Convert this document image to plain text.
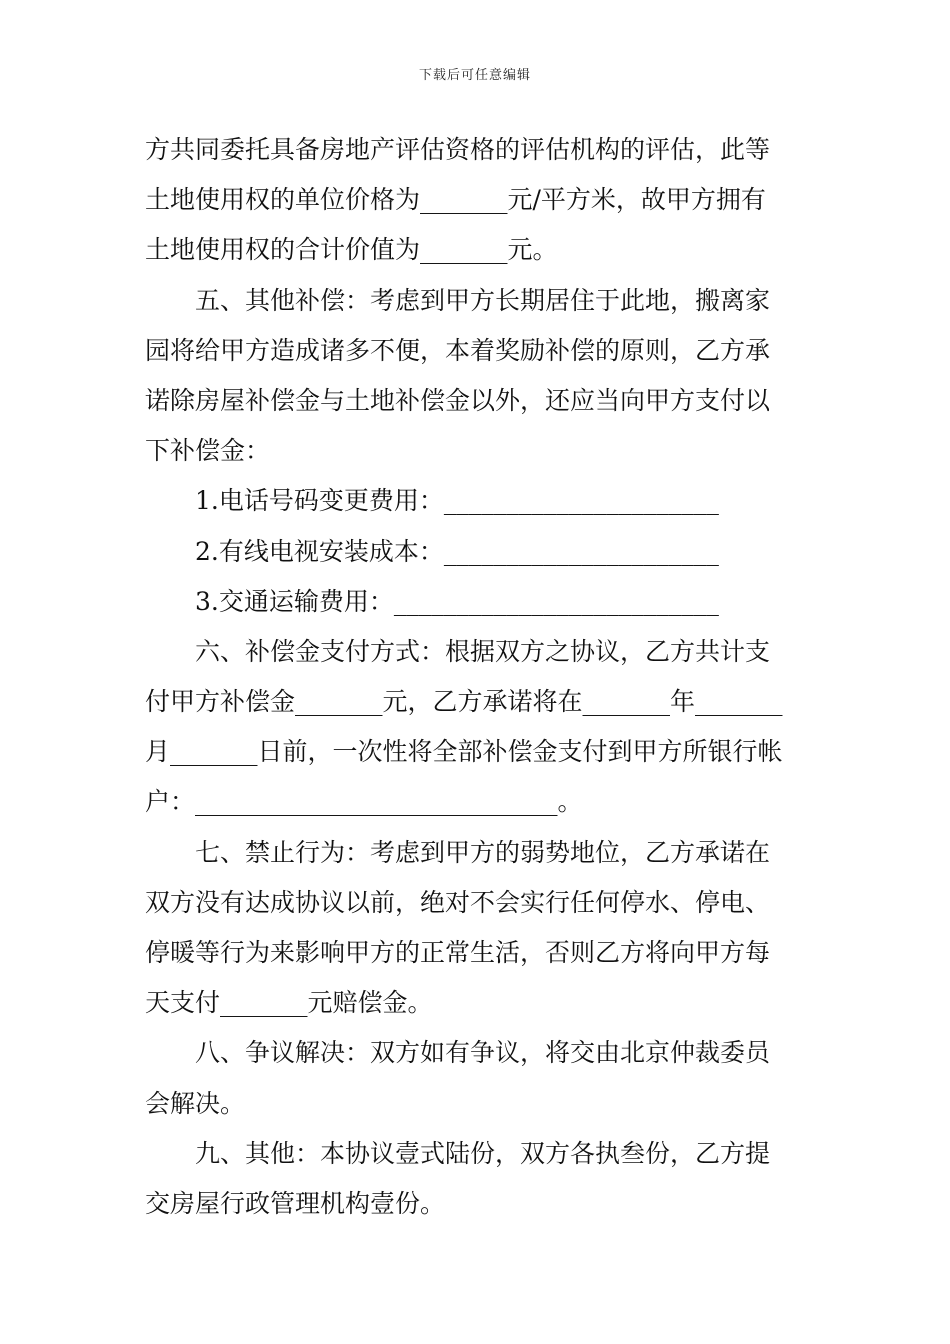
下载后可任意编辑
方共同委托具备房地产评估资格的评估机构的评估，此等
土地使用权的单位价格为_______元/平方米，故甲方拥有
土地使用权的合计价值为_______元。
五、其他补偿：考虑到甲方长期居住于此地，搬离家
园将给甲方造成诸多不便，本着奖励补偿的原则，乙方承
诺除房屋补偿金与土地补偿金以外，还应当向甲方支付以
下补偿金：
1.电话号码变更费用：______________________
2.有线电视安装成本：______________________
3.交通运输费用：__________________________
六、补偿金支付方式：根据双方之协议，乙方共计支
付甲方补偿金_______元，乙方承诺将在_______年_______
月_______日前，一次性将全部补偿金支付到甲方所银行帐
户：_____________________________。
七、禁止行为：考虑到甲方的弱势地位，乙方承诺在
双方没有达成协议以前，绝对不会实行任何停水、停电、
停暖等行为来影响甲方的正常生活，否则乙方将向甲方每
天支付_______元赔偿金。
八、争议解决：双方如有争议，将交由北京仲裁委员
会解决。
九、其他：本协议壹式陆份，双方各执叁份，乙方提
交房屋行政管理机构壹份。
